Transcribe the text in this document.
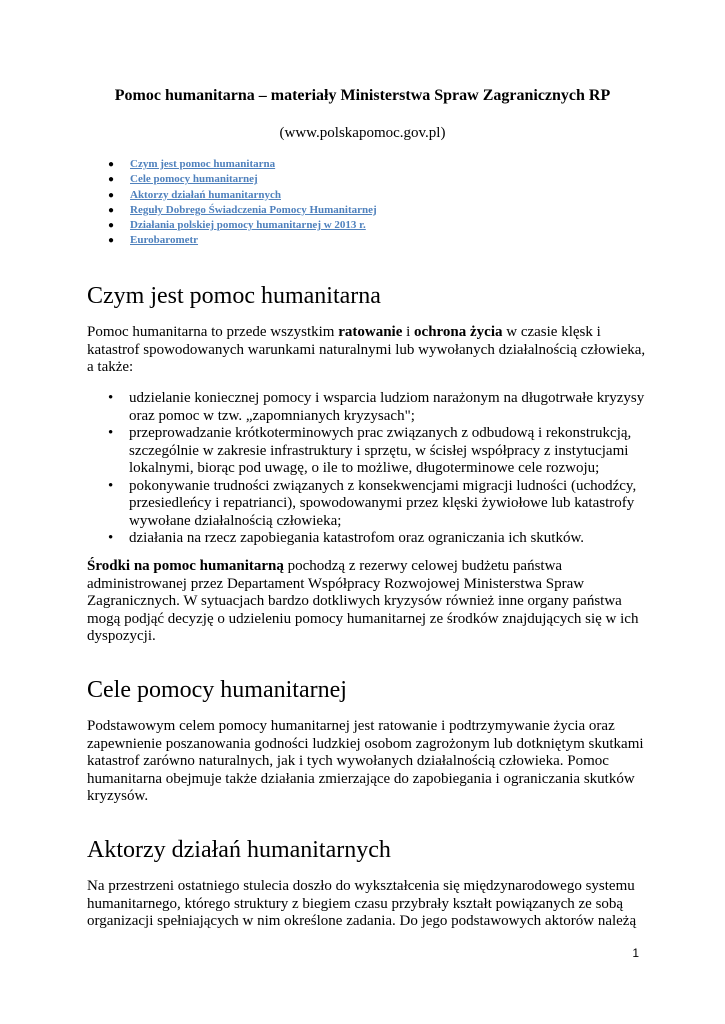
Pomoc humanitarna – materiały Ministerstwa Spraw Zagranicznych RP
(www.polskapomoc.gov.pl)
● Czym jest pomoc humanitarna
● Cele pomocy humanitarnej
● Aktorzy działań humanitarnych
● Reguły Dobrego Świadczenia Pomocy Humanitarnej
● Działania polskiej pomocy humanitarnej w 2013 r.
● Eurobarometr
Czym jest pomoc humanitarna

Pomoc humanitarna to przede wszystkim ratowanie i ochrona życia w czasie klęsk i katastrof spowodowanych warunkami naturalnymi lub wywołanych działalnością człowieka, a także:

• udzielanie koniecznej pomocy i wsparcia ludziom narażonym na długotrwałe kryzysy oraz pomoc w tzw. „zapomnianych kryzysach";
• przeprowadzanie krótkoterminowych prac związanych z odbudową i rekonstrukcją, szczególnie w zakresie infrastruktury i sprzętu, w ścisłej współpracy z instytucjami lokalnymi, biorąc pod uwagę, o ile to możliwe, długoterminowe cele rozwoju;
• pokonywanie trudności związanych z konsekwencjami migracji ludności (uchodźcy, przesiedleńcy i repatrianci), spowodowanymi przez klęski żywiołowe lub katastrofy wywołane działalnością człowieka;
• działania na rzecz zapobiegania katastrofom oraz ograniczania ich skutków.

Środki na pomoc humanitarną pochodzą z rezerwy celowej budżetu państwa administrowanej przez Departament Współpracy Rozwojowej Ministerstwa Spraw Zagranicznych. W sytuacjach bardzo dotkliwych kryzysów również inne organy państwa mogą podjąć decyzję o udzieleniu pomocy humanitarnej ze środków znajdujących się w ich dyspozycji.

Cele pomocy humanitarnej

Podstawowym celem pomocy humanitarnej jest ratowanie i podtrzymywanie życia oraz zapewnienie poszanowania godności ludzkiej osobom zagrożonym lub dotkniętym skutkami katastrof zarówno naturalnych, jak i tych wywołanych działalnością człowieka. Pomoc humanitarna obejmuje także działania zmierzające do zapobiegania i ograniczania skutków kryzysów.

Aktorzy działań humanitarnych

Na przestrzeni ostatniego stulecia doszło do wykształcenia się międzynarodowego systemu humanitarnego, którego struktury z biegiem czasu przybrały kształt powiązanych ze sobą organizacji spełniających w nim określone zadania. Do jego podstawowych aktorów należą

1
